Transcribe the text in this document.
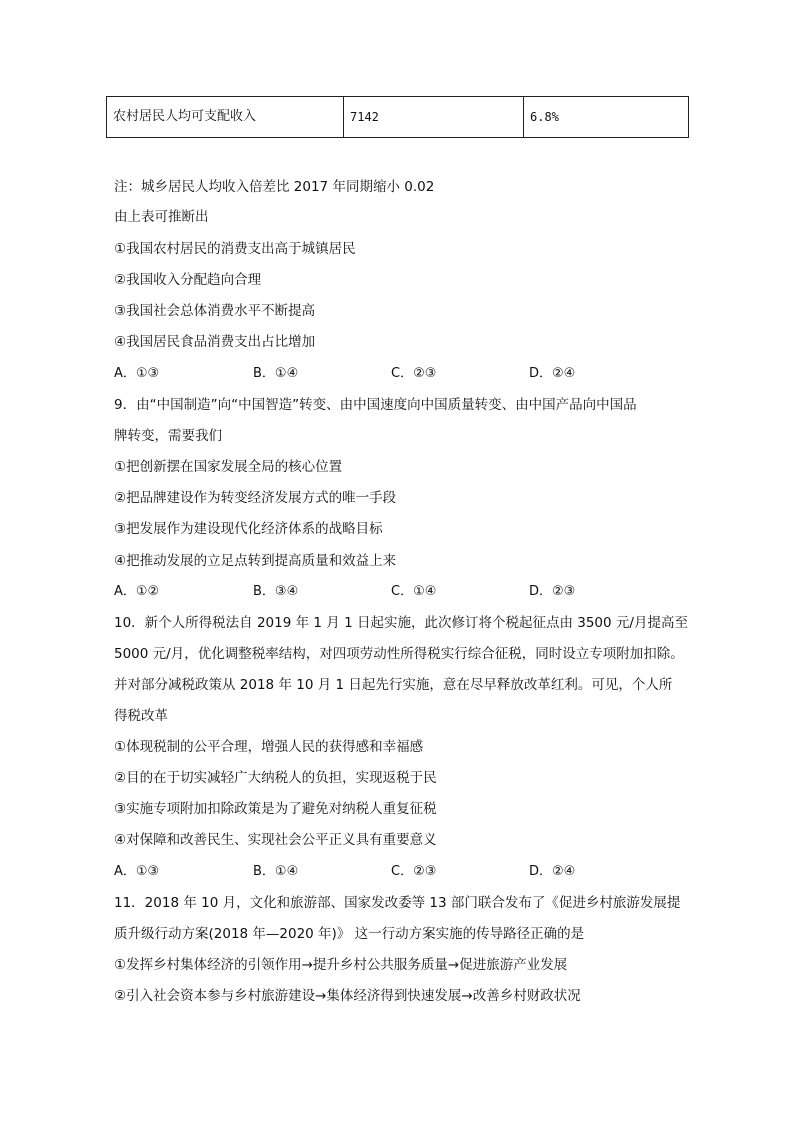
农村居民人均可支配收入	7142	6.8%
注：城乡居民人均收入倍差比 2017 年同期缩小 0.02
由上表可推断出
①我国农村居民的消费支出高于城镇居民
②我国收入分配趋向合理
③我国社会总体消费水平不断提高
④我国居民食品消费支出占比增加
A．①③	B．①④	C．②③	D．②④
9．由“中国制造”向“中国智造”转变、由中国速度向中国质量转变、由中国产品向中国品
牌转变，需要我们
①把创新摆在国家发展全局的核心位置
②把品牌建设作为转变经济发展方式的唯一手段
③把发展作为建设现代化经济体系的战略目标
④把推动发展的立足点转到提高质量和效益上来
A．①②	B．③④	C．①④	D．②③
10．新个人所得税法自 2019 年 1 月 1 日起实施，此次修订将个税起征点由 3500 元/月提高至
5000 元/月，优化调整税率结构，对四项劳动性所得税实行综合征税，同时设立专项附加扣除。
并对部分减税政策从 2018 年 10 月 1 日起先行实施，意在尽早释放改革红利。可见，个人所
得税改革
①体现税制的公平合理，增强人民的获得感和幸福感
②目的在于切实减轻广大纳税人的负担，实现返税于民
③实施专项附加扣除政策是为了避免对纳税人重复征税
④对保障和改善民生、实现社会公平正义具有重要意义
A．①③	B．①④	C．②③	D．②④
11．2018 年 10 月，文化和旅游部、国家发改委等 13 部门联合发布了《促进乡村旅游发展提
质升级行动方案(2018 年—2020 年)》 这一行动方案实施的传导路径正确的是
①发挥乡村集体经济的引领作用→提升乡村公共服务质量→促进旅游产业发展
②引入社会资本参与乡村旅游建设→集体经济得到快速发展→改善乡村财政状况
